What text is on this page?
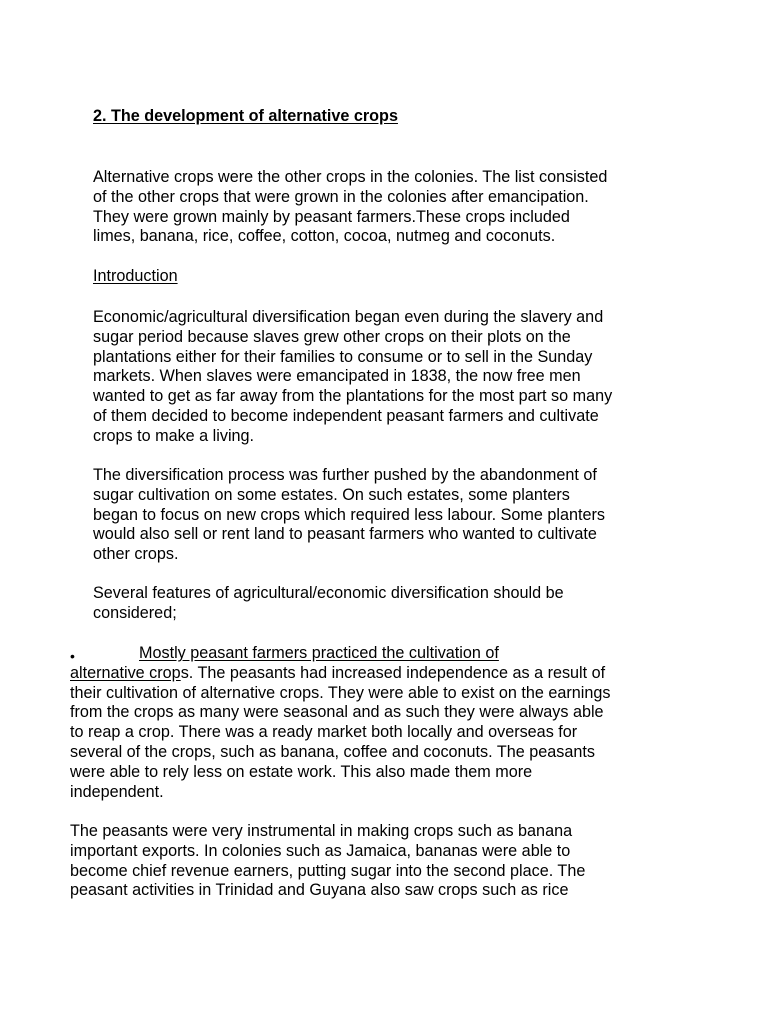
2. The development of alternative crops
Alternative crops were the other crops in the colonies. The list consisted
of the other crops that were grown in the colonies after emancipation.
They were grown mainly by peasant farmers.These crops included
limes, banana, rice, coffee, cotton, cocoa, nutmeg and coconuts.
Introduction
Economic/agricultural diversification began even during the slavery and
sugar period because slaves grew other crops on their plots on the
plantations either for their families to consume or to sell in the Sunday
markets. When slaves were emancipated in 1838, the now free men
wanted to get as far away from the plantations for the most part so many
of them decided to become independent peasant farmers and cultivate
crops to make a living.
The diversification process was further pushed by the abandonment of
sugar cultivation on some estates. On such estates, some planters
began to focus on new crops which required less labour. Some planters
would also sell or rent land to peasant farmers who wanted to cultivate
other crops.
Several features of agricultural/economic diversification should be
considered;
•	Mostly peasant farmers practiced the cultivation of
alternative crops. The peasants had increased independence as a result of
their cultivation of alternative crops. They were able to exist on the earnings
from the crops as many were seasonal and as such they were always able
to reap a crop. There was a ready market both locally and overseas for
several of the crops, such as banana, coffee and coconuts. The peasants
were able to rely less on estate work. This also made them more
independent.
The peasants were very instrumental in making crops such as banana
important exports. In colonies such as Jamaica, bananas were able to
become chief revenue earners, putting sugar into the second place. The
peasant activities in Trinidad and Guyana also saw crops such as rice
